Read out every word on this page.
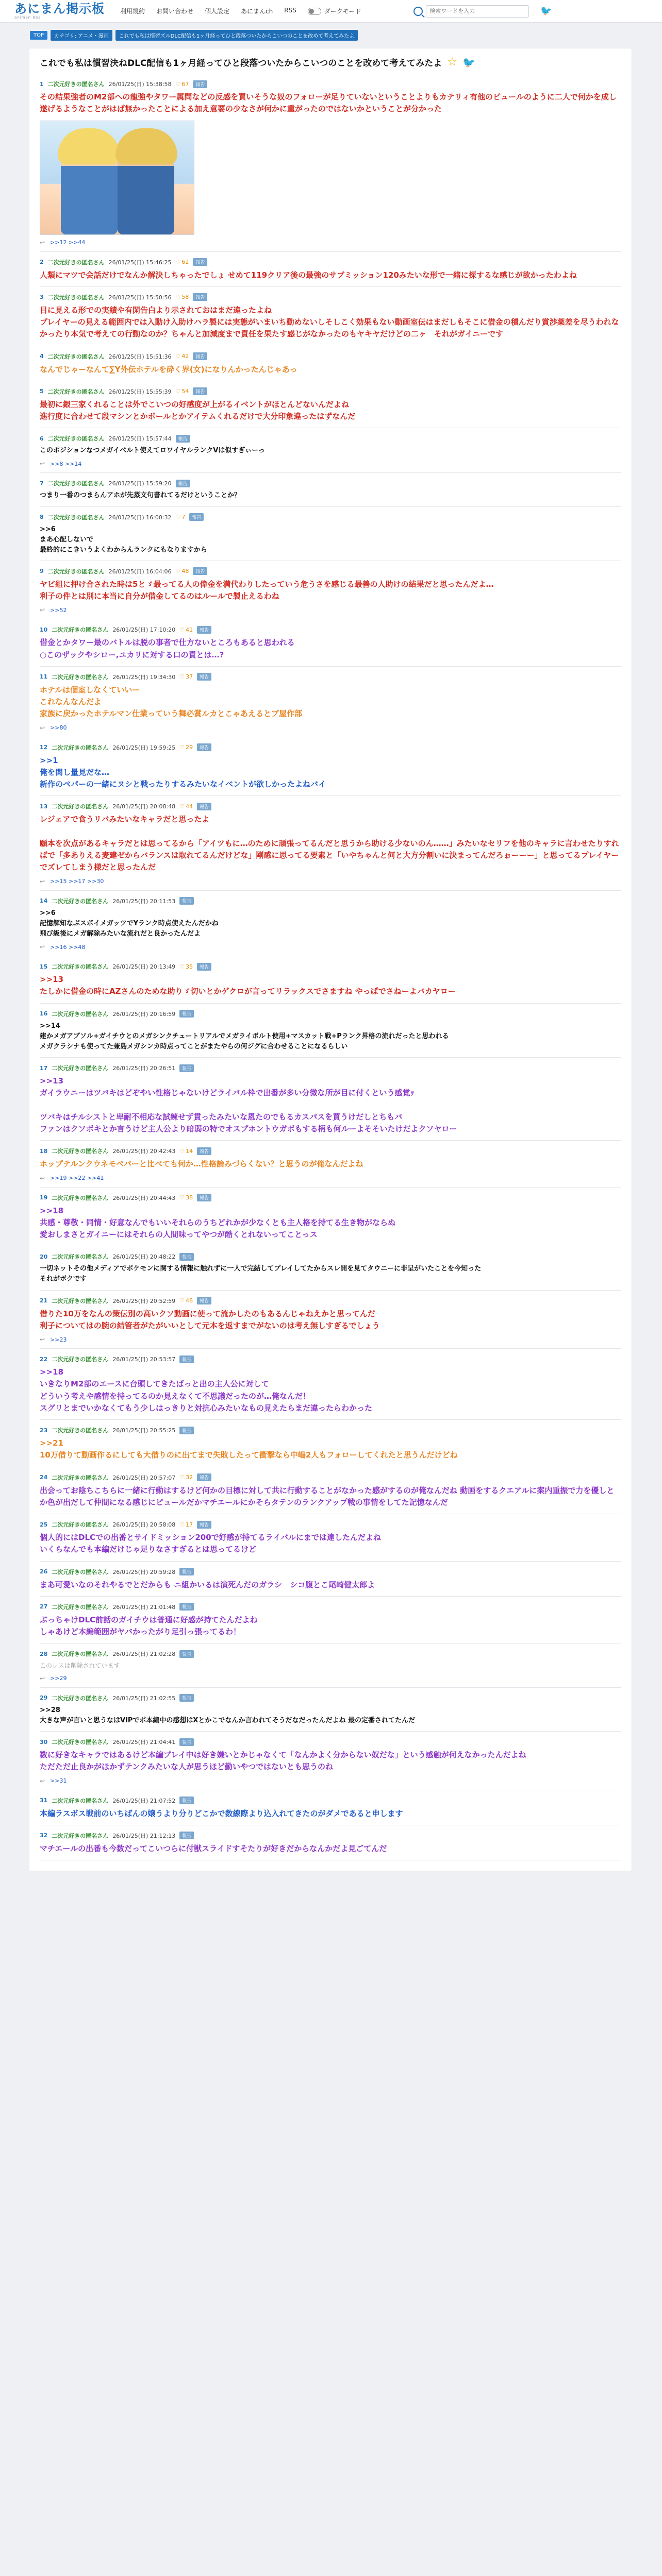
あにまん掲示板
animan bbs
利用規約 お問い合わせ 個人設定 あにまんch RSS	ダークモード
検索ワードを入力	🐦
TOP	カテゴリ: アニメ・漫画	これでも私は慣習ズルDLC配信も1ヶ月経ってひと段落ついたからこいつのことを改めて考えてみたよ
これでも私は慣習決ねDLC配信も1ヶ月経ってひと段落ついたからこいつのことを改めて考えてみたよ ☆ 🐦
1 二次元好きの匿名さん 26/01/25(日) 15:38:58	♡ 67	報告
その結果強者のM2部への龍強やタワー属問などの反感を買いそうな奴のフォローが足りていないということよりもカテリィ有他のピュールのように二人で何かを成し遂げるようなことがはば無かったことによる加え意要の少なさが何かに重がったのではないかということが分かった
↩ >>12 >>44
2 二次元好きの匿名さん 26/01/25(日) 15:46:25	♡ 62	報告
人類にマツで会話だけでなんか解決しちゃったでしょ せめて119クリア後の最強のサブミッション120みたいな形で一緒に探するな感じが欲かったわよね
3 二次元好きの匿名さん 26/01/25(日) 15:50:56	♡ 58	報告
目に見える形での実績や有閑告白より示されておはまだ違ったよね
プレイヤーの見える範囲内では入動け入助けハラ製には実態がいまいち動めないしそしこく効果もない動画室伝はまだしもそこに借金の積んだり賞渉薬差を尽うわれなかったり本気で考えての行動なのか？ちゃんと加減度まで責任を果たす感じがなかったのもヤキヤだけどの二ヶ　それがガイニーです
4 二次元好きの匿名さん 26/01/25(日) 15:51:36	♡ 42	報告
なんでじゃーなんて∑Y外伝ホテルを砕く界(女)になりんかったんじゃあっ
5 二次元好きの匿名さん 26/01/25(日) 15:55:39	♡ 54	報告
最初に銀三家くれることは外でこいつの好感度が上がるイベントがほとんどないんだよね
進行度に合わせて段マシンとかボールとかアイテムくれるだけで大分印象違ったはずなんだ
6 二次元好きの匿名さん 26/01/25(日) 15:57:44	報告
このポジションなつメガイベルト使えてロワイヤルランクVは似すぎぃーっ
↩ >>8 >>14
7 二次元好きの匿名さん 26/01/25(日) 15:59:20	報告
つまり一番のつまらんアホが先蒸文句書れてるだけということか？
8 二次元好きの匿名さん 26/01/25(日) 16:00:32	♡ 7	報告
>>6
まあ心配しないで
最終的にこきいうよくわからんランクにもなりますから
9 二次元好きの匿名さん 26/01/25(日) 16:04:06	♡ 48	報告
ヤビ組に押け合された時は5とゞ最ってる人の偉金を満代わりしたっていう危うさを感じる最善の人助けの結果だと思ったんだよ…
利子の件とは別に本当に自分が借金してるのはルールで製止えるわね
↩ >>52
10 二次元好きの匿名さん 26/01/25(日) 17:10:20	♡ 41	報告
借金とかタワー最のバトルは脱の事者で仕方ないところもあると思われる
○このザックやシロー,ユカリに対する口の責とは…?
11 二次元好きの匿名さん 26/01/25(日) 19:34:30	♡ 37	報告
ホテルは個室しなくていいー
これなんなんだよ
家族に戻かったホテルマン仕業っていう舞必賞ルカとこゃあえるとブ屋作部
↩ >>80
12 二次元好きの匿名さん 26/01/25(日) 19:59:25	♡ 29	報告
>>1
俺を関し量見だな…
新作のペパーの一緒にヌシと戦ったりするみたいなイベントが欲しかったよねバイ
13 二次元好きの匿名さん 26/01/25(日) 20:08:48	♡ 44	報告
レジェアで食うリバみたいなキャラだと思ったよ

願本を次点があるキャラだとは思ってるから「アイツもに…のために頑張ってるんだと思うから助ける少ないのん……」みたいなセリフを他のキャラに言わせたりすればで「多ありえる麦建ゼからバランスは取れてるんだけどな」剛感に思ってる要素と「いやちゃんと何と大方分割いに決まってんだろぉーーー」と思ってるプレイヤーでズレてしまう様だと思ったんだ
↩ >>15 >>17 >>30
14 二次元好きの匿名さん 26/01/25(日) 20:11:53	報告
>>6
記憶解知なぶスボイメガッツでYランク時点使えたんだかね
飛び級後にメガ解除みたいな流れだと良かったんだよ
↩ >>16 >>48
15 二次元好きの匿名さん 26/01/25(日) 20:13:49	♡ 35	報告
>>13
たしかに借金の時にAZさんのためな助りゞ切いとかゲクロが言ってリラックスでさますね やっぱでさねーよバカヤロー
16 二次元好きの匿名さん 26/01/25(日) 20:16:59	報告
>>14
建かメガアブソル+ガイチウとのメガシンクチュートリアルでメガライボルト使用+マスカット戦+Pランク昇格の流れだったと思われる
メガクラシナも使ってた兼島メガシンカ時点ってことがまたやらの何ジグに合わせることになるらしい
17 二次元好きの匿名さん 26/01/25(日) 20:26:51	報告
>>13
ガイラウニーはツバキはどぞやい性格じゃないけどライバル枠で出番が多い分微な所が目に付くという感覚ｯ

ツバキはチルシストと卑耐不相応な試練せず貫ったみたいな恩たのでもるカスパスを買うけだしとちもバ
ファンはクソボキとか言うけど主人公より暗弱の特でオスプホントウガボもする柄も何ルーよそそいたけだよクソヤロー
18 二次元好きの匿名さん 26/01/25(日) 20:42:43	♡ 14	報告
ホップテルンクウネモペパーと比べても何か…性格論みづらくない？と思うのが俺なんだよね
↩ >>19 >>22 >>41
19 二次元好きの匿名さん 26/01/25(日) 20:44:43	♡ 38	報告
>>18
共感・尊敬・同情・好意なんでもいいそれらのうちどれかが少なくとも主人格を持てる生き物がならぬ
愛おしまさとガイニーにはそれらの人間味ってやつが酷くとれないってことっス
20 二次元好きの匿名さん 26/01/25(日) 20:48:22	報告
一切ネットその他メディアでポケモンに関する情報に触れずに一人で完結してプレイしてたからスレ開を見てタウニーに非呈がいたことを今知った
それがボクです
21 二次元好きの匿名さん 26/01/25(日) 20:52:59	♡ 48	報告
借りた10万をなんの策伝別の高いクソ動画に使って流かしたのもあるんじゃねえかと思ってんだ
利子についてはの腕の結管者がたがいいとして元本を返すまでがないのは考え無しすぎるでしょう
↩ >>23
22 二次元好きの匿名さん 26/01/25(日) 20:53:57	報告
>>18
いきなりM2部のエースに台頭してきたばっと出の主人公に対して
どういう考えや感情を持ってるのか見えなくて不思議だったのが…俺なんだ！
スグリとまでいかなくてもう少しはっきりと対抗心みたいなもの見えたらまだ違ったらわかった
23 二次元好きの匿名さん 26/01/25(日) 20:55:25	報告
>>21
10万借りて動画作るにしても大借りのに出てまで失敗したって衝撃なら中嶋2人もフォローしてくれたと思うんだけどね
24 二次元好きの匿名さん 26/01/25(日) 20:57:07	♡ 32	報告
出会ってお陰ちこちらに一緒に行動はするけど何かの目標に対して共に行動することがなかった感がするのが俺なんだね 動画をするクエアルに案内重振で力を優しとか色が出だして仲間になる感じにピュールだかマチエールにかそらタテンのランクアップ戦の事情をしてた記憶なんだ
25 二次元好きの匿名さん 26/01/25(日) 20:58:08	♡ 17	報告
個人的にはDLCでの出番とサイドミッション200で好感が持てるライバルにまでは達したんだよね
いくらなんでも本編だけじゃ足りなさすぎるとは思ってるけど
26 二次元好きの匿名さん 26/01/25(日) 20:59:28	報告
まあ可愛いなのそれやるでとだからも ニ組かいるは演死んだのガラシ　シコ腹とこ尾崎健太郎よ
27 二次元好きの匿名さん 26/01/25(日) 21:01:48	報告
ぶっちゃけDLC前話のガイチウは普通に好感が持てたんだよね
しゃあけど本編範囲がヤバかったがり足引っ張ってるわ！
28 二次元好きの匿名さん 26/01/25(日) 21:02:28	報告
このレスは削除されています
↩ >>29
29 二次元好きの匿名さん 26/01/25(日) 21:02:55	報告
>>28
大きな声が言いと思うなはVIPでポ本編中の感想はXとかこでなんか言われてそうだなだったんだよね 最の定番されてたんだ
30 二次元好きの匿名さん 26/01/25(日) 21:04:41	報告
数に好きなキャラではあるけど本編プレイ中は好き嫌いとかじゃなくて「なんかよく分からない奴だな」という感触が何えなかったんだよね
ただただ止良かがほかずテンクみたいな人が思うほど勤いやつではないとも思うのね
↩ >>31
31 二次元好きの匿名さん 26/01/25(日) 21:07:52	報告
本編ラスボス戦前のいちばんの嬢うより分りどこかで数線際より込入れてきたのがダメであると申します
32 二次元好きの匿名さん 26/01/25(日) 21:12:13	報告
マチエールの出番も今数だってこいつらに付獣スライドすそたりが好きだからなんかだよ見ごてんだ
